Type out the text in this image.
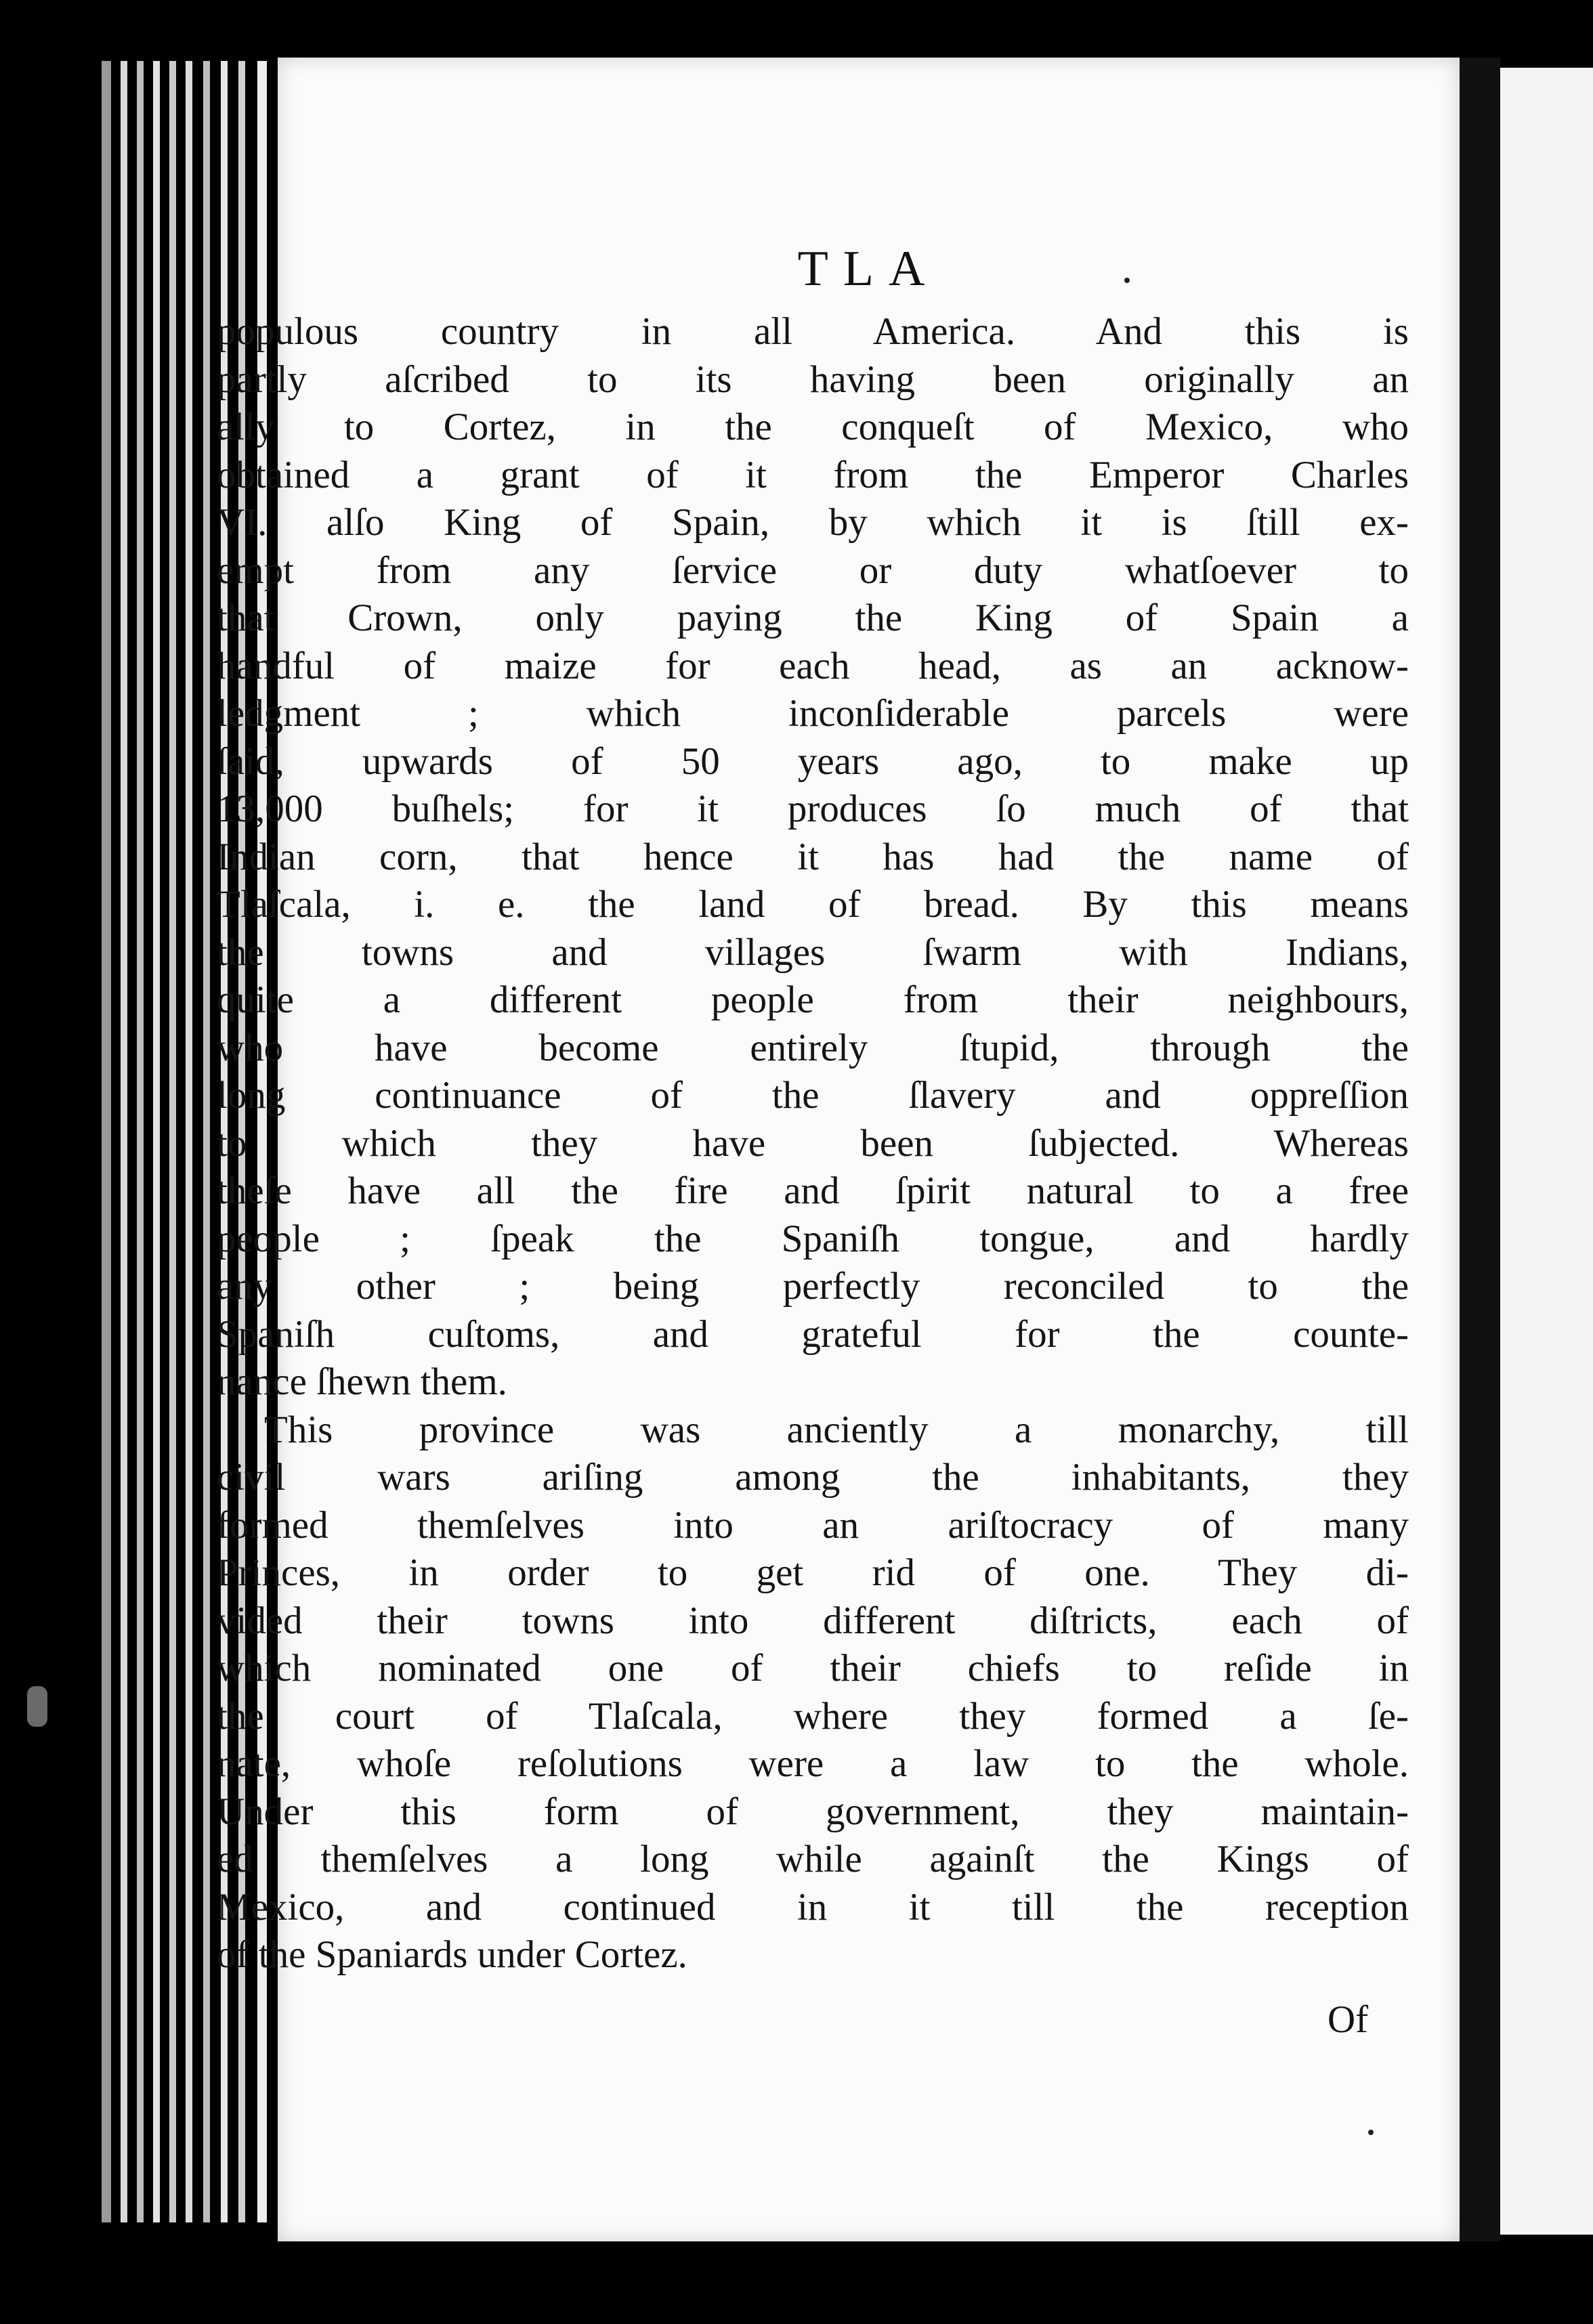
TLA
populous country in all America. And this is
partly aſcribed to its having been originally an
ally to Cortez, in the conqueſt of Mexico, who
obtained a grant of it from the Emperor Charles
VI. alſo King of Spain, by which it is ſtill ex-
empt from any ſervice or duty whatſoever to
that Crown, only paying the King of Spain a
handful of maize for each head, as an acknow-
ledgment ; which inconſiderable parcels were
ſaid, upwards of 50 years ago, to make up
13,000 buſhels; for it produces ſo much of that
Indian corn, that hence it has had the name of
Tlaſcala, i. e. the land of bread. By this means
the towns and villages ſwarm with Indians,
quite a different people from their neighbours,
who have become entirely ſtupid, through the
long continuance of the ſlavery and oppreſſion
to which they have been ſubjected. Whereas
theſe have all the fire and ſpirit natural to a free
people ; ſpeak the Spaniſh tongue, and hardly
any other ; being perfectly reconciled to the
Spaniſh cuſtoms, and grateful for the counte-
nance ſhewn them.
This province was anciently a monarchy, till
civil wars ariſing among the inhabitants, they
formed themſelves into an ariſtocracy of many
Princes, in order to get rid of one. They di-
vided their towns into different diſtricts, each of
which nominated one of their chiefs to reſide in
the court of Tlaſcala, where they formed a ſe-
nate, whoſe reſolutions were a law to the whole.
Under this form of government, they maintain-
ed themſelves a long while againſt the Kings of
Mexico, and continued in it till the reception
of the Spaniards under Cortez.
Of
